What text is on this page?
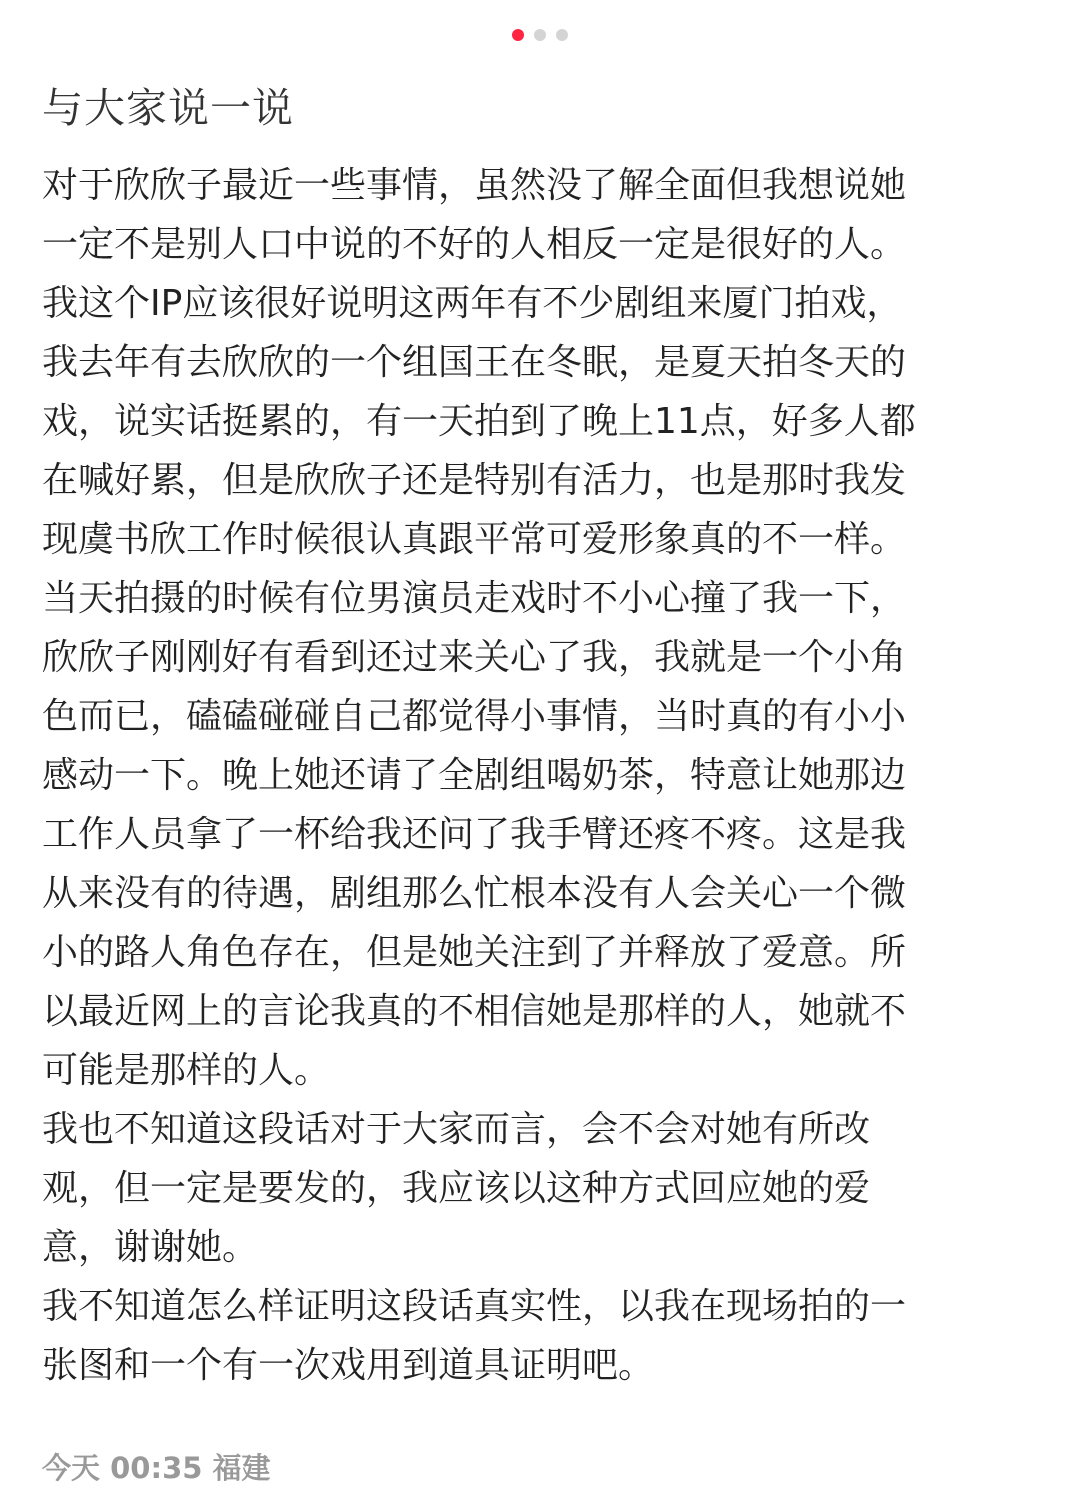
与大家说一说

对于欣欣子最近一些事情，虽然没了解全面但我想说她
一定不是别人口中说的不好的人相反一定是很好的人。

我这个IP应该很好说明这两年有不少剧组来厦门拍戏，
我去年有去欣欣的一个组国王在冬眠，是夏天拍冬天的
戏，说实话挺累的，有一天拍到了晚上11点，好多人都
在喊好累，但是欣欣子还是特别有活力，也是那时我发
现虞书欣工作时候很认真跟平常可爱形象真的不一样。

当天拍摄的时候有位男演员走戏时不小心撞了我一下，
欣欣子刚刚好有看到还过来关心了我，我就是一个小角
色而已，磕磕碰碰自己都觉得小事情，当时真的有小小
感动一下。晚上她还请了全剧组喝奶茶，特意让她那边
工作人员拿了一杯给我还问了我手臂还疼不疼。这是我
从来没有的待遇，剧组那么忙根本没有人会关心一个微
小的路人角色存在，但是她关注到了并释放了爱意。所
以最近网上的言论我真的不相信她是那样的人，她就不
可能是那样的人。

我也不知道这段话对于大家而言，会不会对她有所改
观，但一定是要发的，我应该以这种方式回应她的爱
意，谢谢她。

我不知道怎么样证明这段话真实性，以我在现场拍的一
张图和一个有一次戏用到道具证明吧。

今天 00:35 福建
